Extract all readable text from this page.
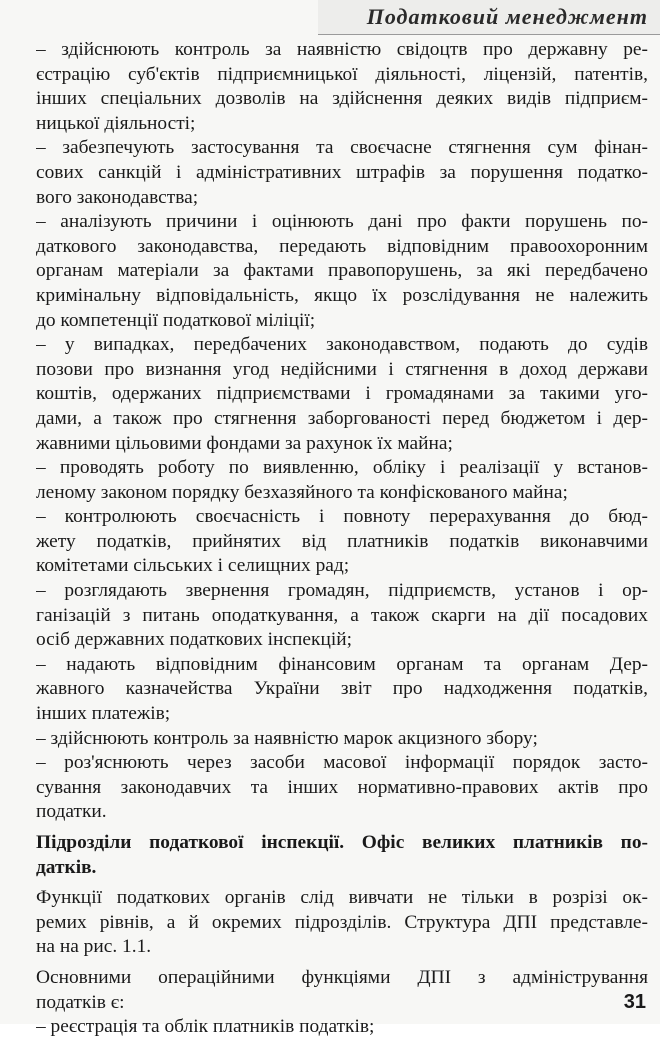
Податковий менеджмент
– здійснюють контроль за наявністю свідоцтв про державну ре-
єстрацію суб'єктів підприємницької діяльності, ліцензій, патентів,
інших спеціальних дозволів на здійснення деяких видів підприєм-
ницької діяльності;
– забезпечують застосування та своєчасне стягнення сум фінан-
сових санкцій і адміністративних штрафів за порушення податко-
вого законодавства;
– аналізують причини і оцінюють дані про факти порушень по-
даткового законодавства, передають відповідним правоохоронним
органам матеріали за фактами правопорушень, за які передбачено
кримінальну відповідальність, якщо їх розслідування не належить
до компетенції податкової міліції;
– у випадках, передбачених законодавством, подають до судів
позови про визнання угод недійсними і стягнення в доход держави
коштів, одержаних підприємствами і громадянами за такими уго-
дами, а також про стягнення заборгованості перед бюджетом і дер-
жавними цільовими фондами за рахунок їх майна;
– проводять роботу по виявленню, обліку і реалізації у встанов-
леному законом порядку безхазяйного та конфіскованого майна;
– контролюють своєчасність і повноту перерахування до бюд-
жету податків, прийнятих від платників податків виконавчими
комітетами сільських і селищних рад;
– розглядають звернення громадян, підприємств, установ і ор-
ганізацій з питань оподаткування, а також скарги на дії посадових
осіб державних податкових інспекцій;
– надають відповідним фінансовим органам та органам Дер-
жавного казначейства України звіт про надходження податків,
інших платежів;
– здійснюють контроль за наявністю марок акцизного збору;
– роз'яснюють через засоби масової інформації порядок засто-
сування законодавчих та інших нормативно-правових актів про
податки.
Підрозділи податкової інспекції. Офіс великих платників по-
датків.
Функції податкових органів слід вивчати не тільки в розрізі ок-
ремих рівнів, а й окремих підрозділів. Структура ДПІ представле-
на на рис. 1.1.
Основними операційними функціями ДПІ з адміністрування
податків є:
– реєстрація та облік платників податків;
31
